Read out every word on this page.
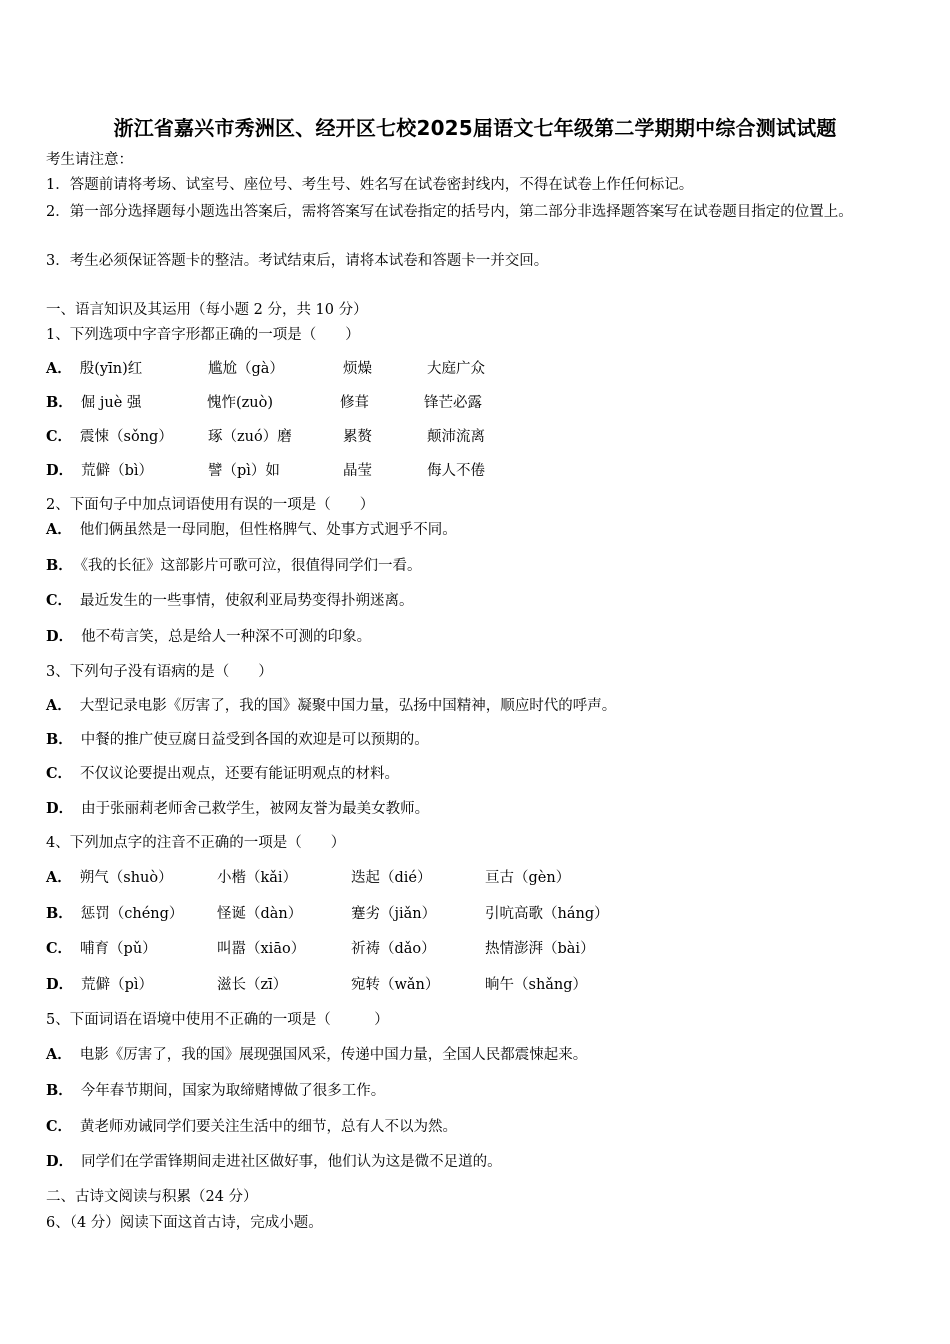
浙江省嘉兴市秀洲区、经开区七校2025届语文七年级第二学期期中综合测试试题
考生请注意：
1．答题前请将考场、试室号、座位号、考生号、姓名写在试卷密封线内，不得在试卷上作任何标记。
2．第一部分选择题每小题选出答案后，需将答案写在试卷指定的括号内，第二部分非选择题答案写在试卷题目指定的位置上。
3．考生必须保证答题卡的整洁。考试结束后，请将本试卷和答题卡一并交回。
一、语言知识及其运用（每小题 2 分，共 10 分）
1、下列选项中字音字形都正确的一项是（　　）
A． 殷(yīn)红	尴尬（gà）	烦燥	大庭广众
B． 倔 juè 强	愧怍(zuò)	修葺	锋芒必露
C． 震悚（sǒng） 琢（zuó）磨	累赘	颠沛流离
D． 荒僻（bì）	譬（pì）如	晶莹	侮人不倦
2、下面句子中加点词语使用有误的一项是（　　）
A． 他们俩虽然是一母同胞，但性格脾气、处事方式迥乎不同。
B． 《我的长征》这部影片可歌可泣，很值得同学们一看。
C． 最近发生的一些事情，使叙利亚局势变得扑朔迷离。
D． 他不苟言笑，总是给人一种深不可测的印象。
3、下列句子没有语病的是（　　）
A． 大型记录电影《厉害了，我的国》凝聚中国力量，弘扬中国精神，顺应时代的呼声。
B． 中餐的推广使豆腐日益受到各国的欢迎是可以预期的。
C． 不仅议论要提出观点，还要有能证明观点的材料。
D． 由于张丽莉老师舍己救学生，被网友誉为最美女教师。
4、下列加点字的注音不正确的一项是（　　）
A． 朔气（shuò）	小楷（kǎi）	迭起（dié）	亘古（gèn）
B． 惩罚（chéng） 怪诞（dàn）	蹇劣（jiǎn）	引吭高歌（háng）
C． 哺育（pǔ）	叫嚣（xiāo）	祈祷（dǎo）	热情澎湃（bài）
D． 荒僻（pì）	滋长（zī）	宛转（wǎn）	晌午（shǎng）
5、下面词语在语境中使用不正确的一项是（　　　）
A． 电影《厉害了，我的国》展现强国风采，传递中国力量，全国人民都震悚起来。
B． 今年春节期间，国家为取缔赌博做了很多工作。
C． 黄老师劝诫同学们要关注生活中的细节，总有人不以为然。
D． 同学们在学雷锋期间走进社区做好事，他们认为这是微不足道的。
二、古诗文阅读与积累（24 分）
6、（4 分）阅读下面这首古诗，完成小题。
